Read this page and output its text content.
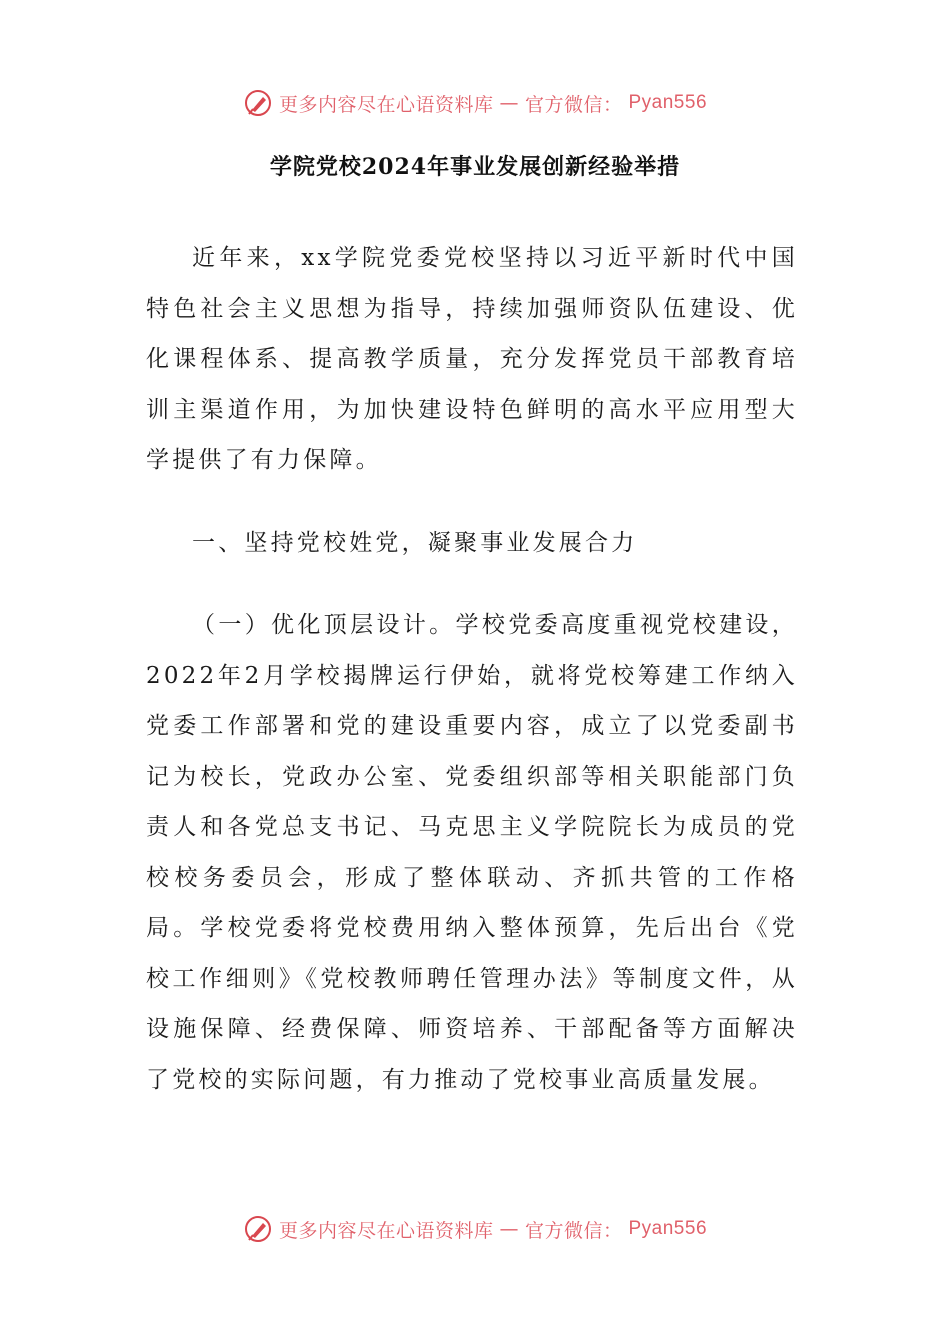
更多内容尽在心语资料库 — 官方微信： Pyan556
学院党校2024年事业发展创新经验举措

近年来，xx学院党委党校坚持以习近平新时代中国特色社会主义思想为指导，持续加强师资队伍建设、优化课程体系、提高教学质量，充分发挥党员干部教育培训主渠道作用，为加快建设特色鲜明的高水平应用型大学提供了有力保障。

一、坚持党校姓党，凝聚事业发展合力

（一）优化顶层设计。学校党委高度重视党校建设，2022年2月学校揭牌运行伊始，就将党校筹建工作纳入党委工作部署和党的建设重要内容，成立了以党委副书记为校长，党政办公室、党委组织部等相关职能部门负责人和各党总支书记、马克思主义学院院长为成员的党校校务委员会，形成了整体联动、齐抓共管的工作格局。学校党委将党校费用纳入整体预算，先后出台《党校工作细则》《党校教师聘任管理办法》等制度文件，从设施保障、经费保障、师资培养、干部配备等方面解决了党校的实际问题，有力推动了党校事业高质量发展。

更多内容尽在心语资料库 — 官方微信： Pyan556
